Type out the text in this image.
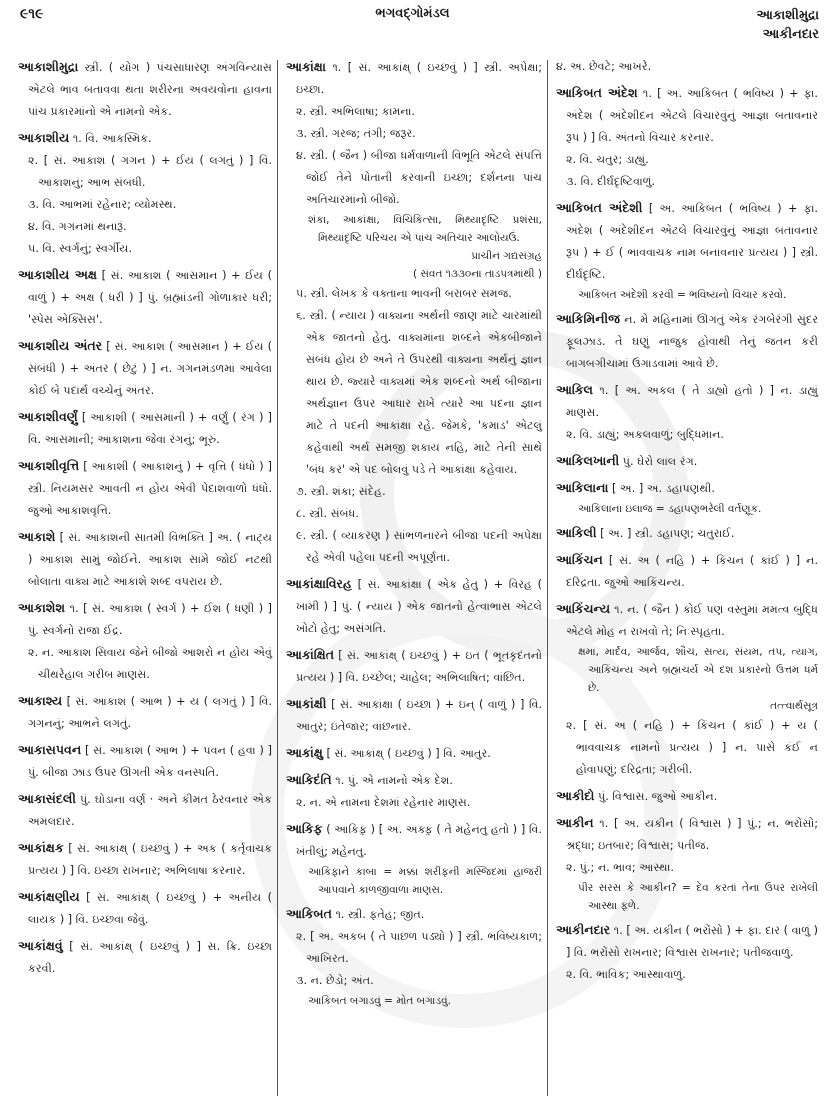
૯૧૯	ભગવદ્ગોમંડલ	આકાશીમુદ્રા
આકીનદાર
આકાશીમુદ્રા સ્ત્રી. ( યોગ ) પંચસાધારણ અંગવિન્યાસ એટલે ભાવ બતાવવા થતા શરીરના અવયવોના હાવના પાંચ પ્રકારમાંનો એ નામનો એક.
આકાશીય ૧. વિ. આકસ્મિક.
૨. [ સં. આકાશ ( ગગન ) + ઈય ( લગતું ) ] વિ. આકાશનું; આભ સંબંધી.
૩. વિ. આભમાં રહેનાર; વ્યોમસ્થ.
૪. વિ. ગગનમાં થનારૂં.
૫. વિ. સ્વર્ગનું; સ્વર્ગીય.
આકાશીય અક્ષ [ સં. આકાશ ( આસમાન ) + ઈય ( વાળું ) + અક્ષ ( ધરી ) ] પું. બ્રહ્માંડની ગોળાકાર ધરી; 'સ્પેસ એક્સિસ'.
આકાશીય અંતર [ સં. આકાશ ( આસમાન ) + ઈય ( સંબંધી ) + અંતર ( છેટું ) ] ન. ગગનમંડળમાં આવેલા કોઈ બે પદાર્થ વચ્ચેનું અંતર.
આકાશીવર્ણું [ આકાશી ( આસમાની ) + વર્ણું ( રંગ ) ] વિ. આસમાની; આકાશના જેવા રંગનું; ભૂરું.
આકાશીવૃત્તિ [ આકાશી ( આકાશનું ) + વૃત્તિ ( ધંધો ) ] સ્ત્રી. નિયમસર આવતી ન હોય એવી પેદાશવાળો ધંધો. જુઓ આકાશવૃત્તિ.
આકાશે [ સં. આકાશની સાતમી વિભક્તિ ] અ. ( નાટ્ય ) આકાશ સામું જોઈને. આકાશ સામે જોઈ નટથી બોલાતા વાક્ય માટે આકાશે શબ્દ વપરાય છે.
આકાશેશ ૧. [ સં. આકાશ ( સ્વર્ગ ) + ઈશ ( ધણી ) ] પું. સ્વર્ગનો રાજા ઈંદ્ર.
૨. ન. આકાશ સિવાય જેને બીજો આશરો ન હોય એવું ચીંથરેહાલ ગરીબ માણસ.
આકાશ્ય [ સં. આકાશ ( આભ ) + ય ( લગતું ) ] વિ. ગગનનું; આભને લગતું.
આકાસપવન [ સં. આકાશ ( આભ ) + પવન ( હવા ) ] પું. બીજા ઝાડ ઉપર ઊગતી એક વનસ્પતિ.
આકાસંદલી પું. ઘોડાના વર્ણ · અને કીમત ઠેરવનાર એક અમલદાર.
આકાંક્ષક [ સં. આકાંક્ષ્ ( ઇચ્છવું ) + અક ( કર્તૃવાચક પ્રત્યય ) ] વિ. ઇચ્છા રાખનાર; અભિલાષા કરનાર.
આકાંક્ષણીય [ સં. આકાંક્ષ્ ( ઇચ્છવું ) + અનીય ( લાયક ) ] વિ. ઇચ્છવા જેવું.
આકાંક્ષવું [ સં. આકાંક્ષ્ ( ઇચ્છવું ) ] સ. ક્રિ. ઇચ્છા કરવી.
આકાંક્ષા ૧. [ સં. આકાંક્ષ્ ( ઇચ્છવું ) ] સ્ત્રી. અપેક્ષા; ઇચ્છા.
૨. સ્ત્રી. અભિલાષા; કામના.
૩. સ્ત્રી. ગરજ; તંગી; જરૂર.
૪. સ્ત્રી. ( જૈન ) બીજા ધર્મવાળાની વિભૂતિ એટલે સંપત્તિ જોઈ તેને પોતાની કરવાની ઇચ્છા; દર્શનના પાંચ અતિચારમાંનો બીજો.
શંકા, આકાંક્ષા, વિચિકિત્સા, મિથ્યાદૃષ્ટિ પ્રશંસા, મિથ્યાદૃષ્ટિ પરિચય એ પાંચ અતિચાર આલોયઉં.
પ્રાચીન ગદ્યસંગ્રહ
( સંવત ૧૩૩૦ના તાડપત્રમાંથી )
૫. સ્ત્રી. લેખક કે વક્તાના ભાવની બરાબર સમજ.
૬. સ્ત્રી. ( ન્યાય ) વાક્યના અર્થની જાણ માટે ચારમાંથી એક જાતનો હેતુ. વાક્યમાંના શબ્દને એકબીજાને સંબંધ હોય છે અને તે ઉપરથી વાક્યના અર્થનું જ્ઞાન થાય છે. જ્યારે વાક્યમાં એક શબ્દનો અર્થ બીજાના અર્થજ્ઞાન ઉપર આધાર રાખે ત્યારે આ પદના જ્ઞાન માટે તે પદની આકાંક્ષા રહે. જેમકે, 'કમાડ' એટલું કહેવાથી અર્થ સમજી શકાય નહિ, માટે તેની સાથે 'બંધ કર' એ પદ બોલવું પડે તે આકાંક્ષા કહેવાય.
૭. સ્ત્રી. શંકા; સંદેહ.
૮. સ્ત્રી. સંબંધ.
૯. સ્ત્રી. ( વ્યાકરણ ) સાંભળનારને બીજા પદની અપેક્ષા રહે એવી પહેલા પદની અપૂર્ણતા.
આકાંક્ષાવિરહ [ સં. આકાંક્ષા ( એક હેતુ ) + વિરહ ( ખામી ) ] પું. ( ન્યાય ) એક જાતનો હેત્વાભાસ એટલે ખોટો હેતુ; અસંગતિ.
આકાંક્ષિત [ સં. આકાંક્ષ્ ( ઇચ્છવું ) + ઇત ( ભૂતકૃદંતનો પ્રત્યય ) ] વિ. ઇચ્છેલ; ચાહેલ; અભિલાષિત; વાંછિત.
આકાંક્ષી [ સં. આકાંક્ષા ( ઇચ્છા ) + ઇન્ ( વાળું ) ] વિ. આતુર; ઇંતેજાર; વાંછનાર.
આકાંક્ષુ [ સં. આકાંક્ષ્ ( ઇચ્છવું ) ] વિ. આતુર.
આકિદંતિ ૧. પું. એ નામનો એક દેશ.
૨. ન. એ નામના દેશમાં રહેનાર માણસ.
આકિફ ( આકિફ઼ ) [ અ. અક્ફ઼ ( તે મહેનતુ હતો ) ] વિ. ખંતીલું; મહેનતુ.
આકિફાને કાબા = મક્કા શરીફની મસ્જિદમાં હાજરી આપવાને કાળજીવાળા માણસ.
આકિબત ૧. સ્ત્રી. ફતેહ; જીત.
૨. [ અ. અકબ ( તે પાછળ પડ્યો ) ] સ્ત્રી. ભવિષ્યકાળ; આખિરત.
૩. ન. છેડો; અંત.
આકિબત બગાડવું = મોત બગાડવું.
૪. અ. છેવટે; આખરે.
આકિબત અંદેશ ૧. [ અ. આકિબત ( ભવિષ્ય ) + ફા. અંદેશ ( અંદેશીદન એટલે વિચારવુંનું આજ્ઞા બતાવનાર રૂપ ) ] વિ. અંતનો વિચાર કરનાર.
૨. વિ. ચતુર; ડાહ્યું.
૩. વિ. દીર્ઘદૃષ્ટિવાળું.
આકિબત અંદેશી [ અ. આકિબત ( ભવિષ્ય ) + ફા. અંદેશ ( અંદેશીદન એટલે વિચારવુંનું આજ્ઞા બતાવનાર રૂપ ) + ઈ ( ભાવવાચક નામ બનાવનાર પ્રત્યય ) ] સ્ત્રી. દીર્ઘદૃષ્ટિ.
આકિબત અંદેશી કરવી = ભવિષ્યનો વિચાર કરવો.
આકિમિનીજ ન. મે મહિનામાં ઊગતું એક રંગબેરંગી સુંદર ફૂલઝાડ. તે ઘણું નાજુક હોવાથી તેનું જતન કરી બાગબગીચામાં ઉગાડવામાં આવે છે.
આકિલ ૧. [ અ. અકલ ( તે ડાહ્યો હતો ) ] ન. ડાહ્યું માણસ.
૨. વિ. ડાહ્યું; અકલવાળું; બુદ્ધિમાન.
આકિલખાની પું. ઘેરો લાલ રંગ.
આકિલાના [ અ. ] અ. ડહાપણથી.
આકિલાના ઇલાજ = ડહાપણભરેલી વર્તણૂક.
આકિલી [ અ. ] સ્ત્રી. ડહાપણ; ચતુરાઈ.
આકિંચન [ સં. અ ( નહિ ) + કિંચન ( કાંઈ ) ] ન. દરિદ્રતા. જુઓ આકિંચન્ય.
આકિંચન્ય ૧. ન. ( જૈન ) કોઈ પણ વસ્તુમાં મમત્વ બુદ્ધિ એટલે મોહ ન રાખવો તે; નિઃસ્પૃહતા.
ક્ષમા, માર્દવ, આર્જવ, શૌચ, સત્ય, સંયમ, તપ, ત્યાગ, આકિંચન્ય અને બ્રહ્મચર્ય એ દશ પ્રકારનો ઉત્તમ ધર્મ છે.
તત્ત્વાર્થસૂત્ર
૨. [ સં. અ ( નહિ ) + કિંચન ( કાંઈ ) + ય ( ભાવવાચક નામનો પ્રત્યય ) ] ન. પાસે કંઈ ન હોવાપણું; દરિદ્રતા; ગરીબી.
આકીદો પું. વિશ્વાસ. જુઓ આકીન.
આકીન ૧. [ અ. યકીન ( વિશ્વાસ ) ] પું.; ન. ભરોંસો; શ્રદ્ધા; ઇતબાર; વિશ્વાસ; પતીજ.
૨. પું.; ન. ભાવ; આસ્થા.
પીર સરસ કે આકીન? = દેવ કરતાં તેના ઉપર રાખેલી આસ્થા ફળે.
આકીનદાર ૧. [ અ. યકીન ( ભરોંસો ) + ફા. દાર ( વાળું ) ] વિ. ભરોંસો રાખનાર; વિશ્વાસ રાખનાર; પતીજવાળું.
૨. વિ. ભાવિક; આસ્થાવાળું.
